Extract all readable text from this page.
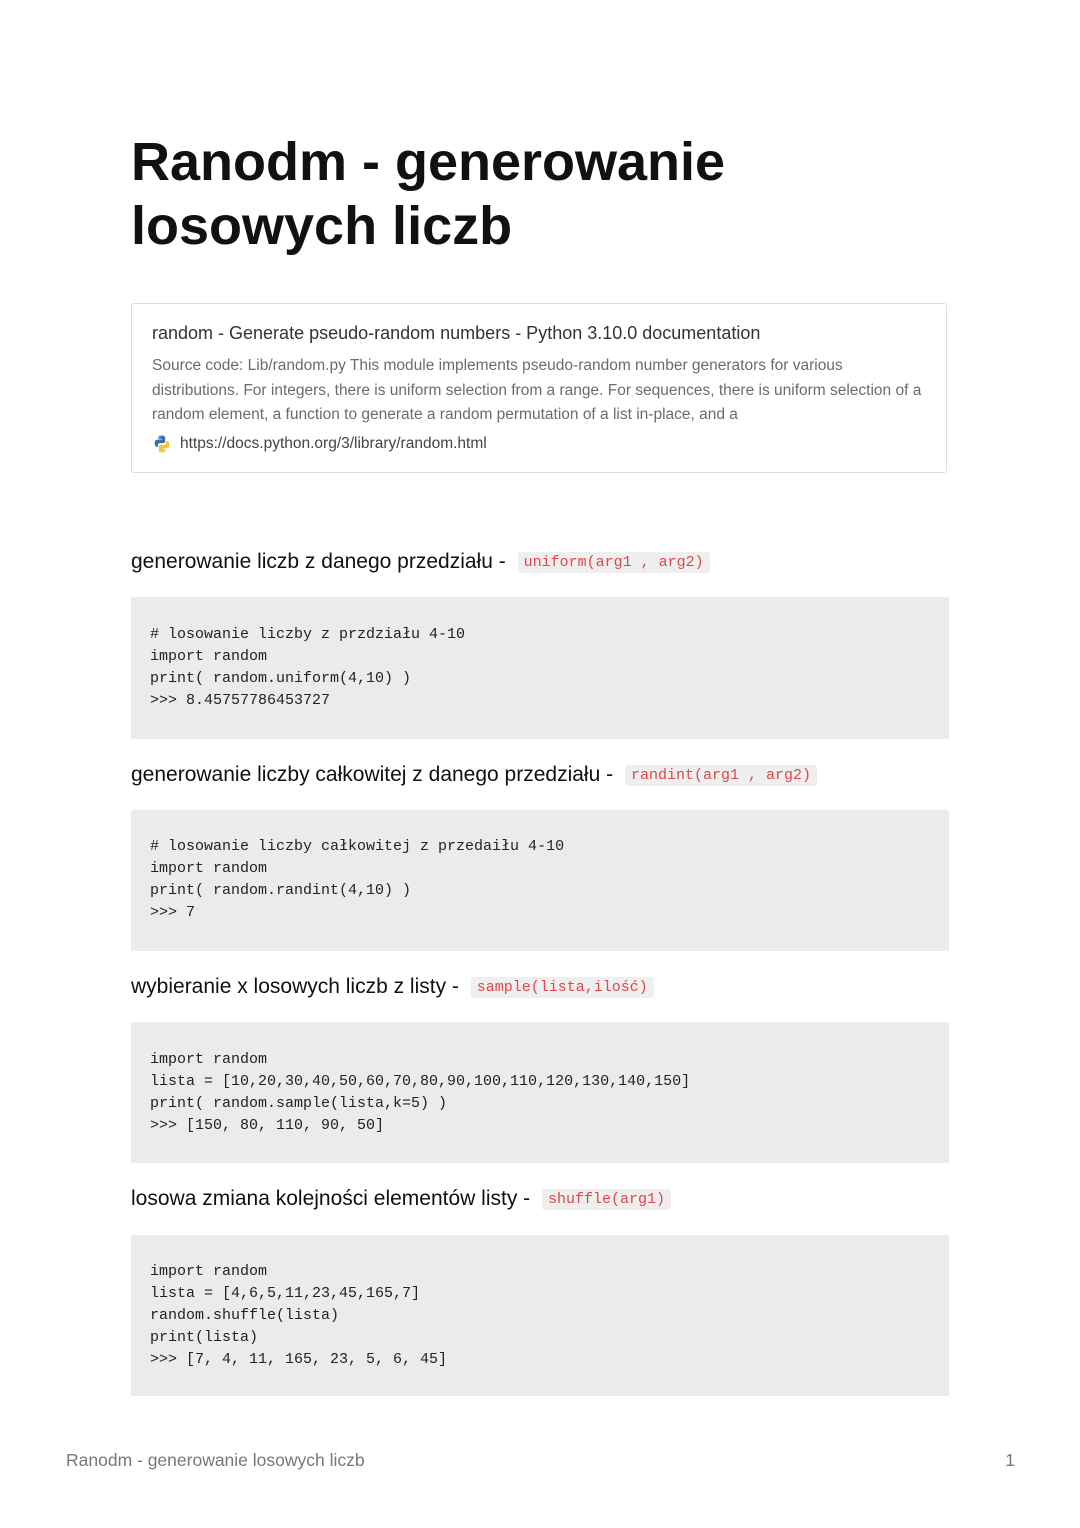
Ranodm - generowanie
losowych liczb

random - Generate pseudo-random numbers - Python 3.10.0 documentation

Source code: Lib/random.py This module implements pseudo-random number generators for various distributions. For integers, there is uniform selection from a range. For sequences, there is uniform selection of a random element, a function to generate a random permutation of a list in-place, and a

https://docs.python.org/3/library/random.html
generowanie liczb z danego przedziału - uniform(arg1 , arg2)

# losowanie liczby z przdziału 4-10

import random

print( random.uniform(4,10) )

>>> 8.45757786453727

generowanie liczby całkowitej z danego przedziału - randint(arg1 , arg2)

# losowanie liczby całkowitej z przedaiłu 4-10

import random

print( random.randint(4,10) )

>>> 7

wybieranie x losowych liczb z listy - sample(lista,ilość)

import random

lista = [10,20,30,40,50,60,70,80,90,100,110,120,130,140,150]

print( random.sample(lista,k=5) )

>>> [150, 80, 110, 90, 50]

losowa zmiana kolejności elementów listy - shuffle(arg1)

import random

lista = [4,6,5,11,23,45,165,7]

random.shuffle(lista)

print(lista)

>>> [7, 4, 11, 165, 23, 5, 6, 45]

Ranodm - generowanie losowych liczb	1
